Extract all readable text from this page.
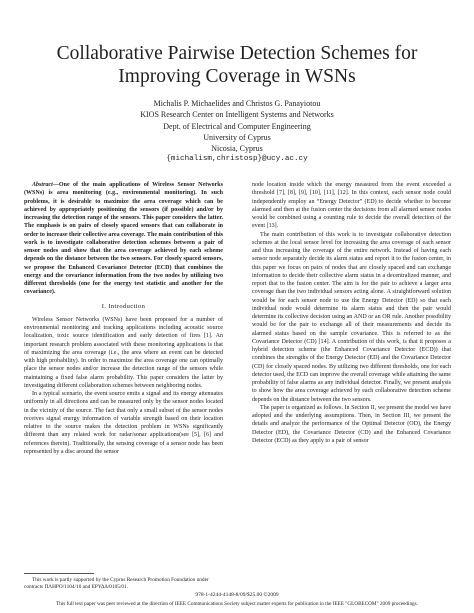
Collaborative Pairwise Detection Schemes for
Improving Coverage in WSNs
Michalis P. Michaelides and Christos G. Panayiotou
KIOS Research Center on Intelligent Systems and Networks
Dept. of Electrical and Computer Engineering
University of Cyprus
Nicosia, Cyprus
{michalism,christosp}@ucy.ac.cy

Abstract—One of the main applications of Wireless Sensor Networks (WSNs) is area monitoring (e.g., environmental monitoring). In such problems, it is desirable to maximize the area coverage which can be achieved by appropriately positioning the sensors (if possible) and/or by increasing the detection range of the sensors. This paper considers the latter. The emphasis is on pairs of closely spaced sensors that can collaborate in order to increase their collective area coverage. The main contribution of this work is to investigate collaborative detection schemes between a pair of sensor nodes and show that the area coverage achieved by each scheme depends on the distance between the two sensors. For closely spaced sensors, we propose the Enhanced Covariance Detector (ECD) that combines the energy and the covariance information from the two nodes by utilizing two different thresholds (one for the energy test statistic and another for the covariance).

I. Introduction

Wireless Sensor Networks (WSNs) have been proposed for a number of environmental monitoring and tracking applications including acoustic source localization, toxic source identification and early detection of fires [1]. An important research problem associated with these monitoring applications is that of maximizing the area coverage (i.e., the area where an event can be detected with high probability). In order to maximize the area coverage one can optimally place the sensor nodes and/or increase the detection range of the sensors while maintaining a fixed false alarm probability. This paper considers the latter by investigating different collaboration schemes between neighboring nodes.

In a typical scenario, the event source emits a signal and its energy attenuates uniformly in all directions and can be measured only by the sensor nodes located in the vicinity of the source. The fact that only a small subset of the sensor nodes receives signal energy information of variable strength based on their location relative to the source makes the detection problem in WSNs significantly different than any related work for radar/sonar applications(see [5], [6] and references therein). Traditionally, the sensing coverage of a sensor node has been represented by a disc around the sensor

This work is partly supported by the Cyprus Research Promotion Foundation under contracts ΠΛΗΡΟ/1104/10 and ΕΡΥΔΔ/0105/01.

node location inside which the energy measured from the event exceeded a threshold [7], [8], [9], [10], [11], [12]. In this context, each sensor node could independently employ an “Energy Detector” (ED) to decide whether to become alarmed and then at the fusion center the decisions from all alarmed sensor nodes would be combined using a counting rule to decide the overall detection of the event [13].

The main contribution of this work is to investigate collaborative detection schemes at the local sensor level for increasing the area coverage of each sensor and thus increasing the coverage of the entire network. Instead of having each sensor node separately decide its alarm status and report it to the fusion center, in this paper we focus on pairs of nodes that are closely spaced and can exchange information to decide their collective alarm status in a decentralized manner, and report that to the fusion center. The aim is for the pair to achieve a larger area coverage than the two individual sensors acting alone. A straightforward solution would be for each sensor node to use the Energy Detector (ED) so that each individual node would determine its alarm status and then the pair would determine its collective decision using an AND or an OR rule. Another possibility would be for the pair to exchange all of their measurements and decide its alarmed status based on the sample covariance. This is referred to as the Covariance Detector (CD) [14]. A contribution of this work, is that it proposes a hybrid detection scheme (the Enhanced Covariance Detector (ECD)) that combines the strengths of the Energy Detector (ED) and the Covariance Detector (CD) for closely spaced nodes. By utilizing two different thresholds, one for each detector used, the ECD can improve the overall coverage while attaining the same probability of false alarms as any individual detector. Finally, we present analysis to show how the area coverage achieved by each collaborative detection scheme depends on the distance between the two sensors.

The paper is organized as follows. In Section II, we present the model we have adopted and the underlying assumptions. Then, in Section III, we present the details and analyze the performance of the Optimal Detector (OD), the Energy Detector (ED), the Covariance Detector (CD) and the Enhanced Covariance Detector (ECD) as they apply to a pair of sensor

978-1-4244-4148-8/09/$25.00 ©2009
This full text paper was peer reviewed at the direction of IEEE Communications Society subject matter experts for publication in the IEEE "GLOBECOM" 2009 proceedings.
